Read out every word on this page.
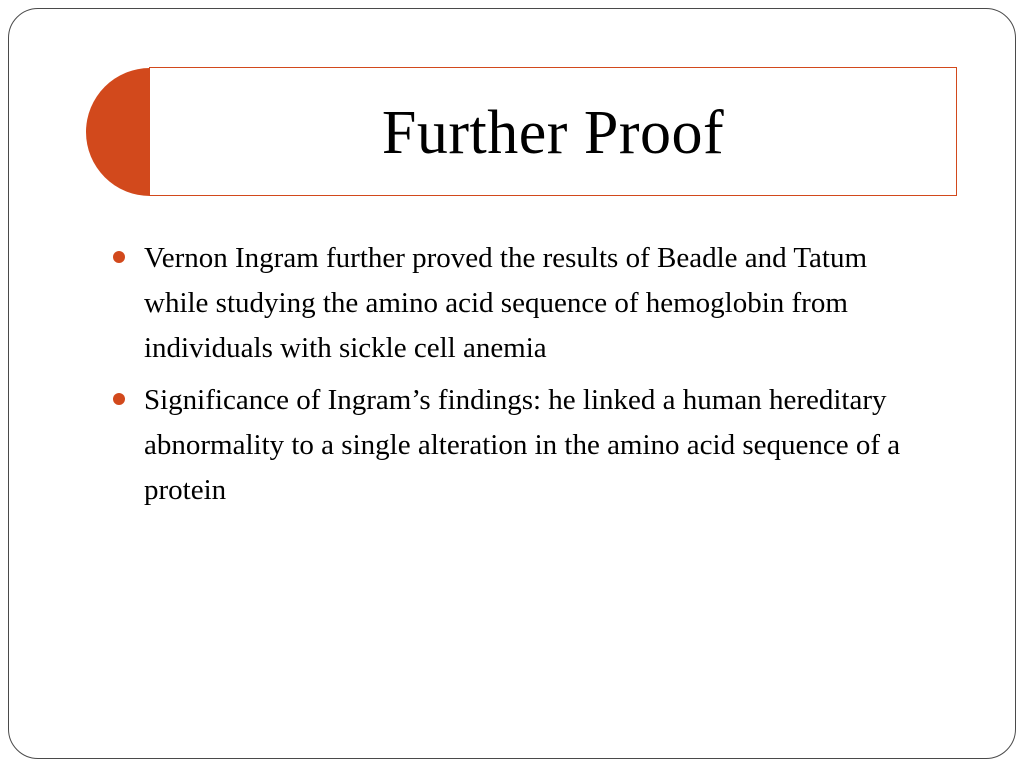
Further Proof
Vernon Ingram further proved the results of Beadle and Tatum while studying the amino acid sequence of hemoglobin from individuals with sickle cell anemia
Significance of Ingram’s findings: he linked a human hereditary abnormality to a single alteration in the amino acid sequence of a protein
